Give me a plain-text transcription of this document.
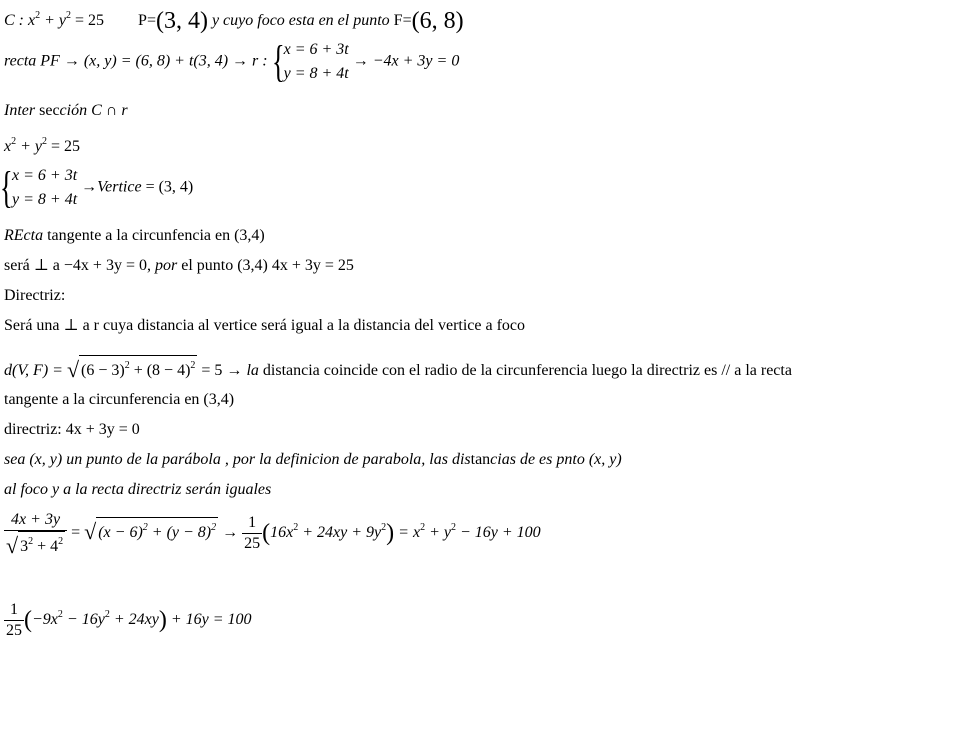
C : $x^2 + y^2 = 25$ P=(3, 4) y cuyo foco esta en el punto F=(6, 8)
recta PF → (x, y) = (6, 8) + t(3, 4) → r : { x = 6 + 3t
y = 8 + 4t
→ −4x + 3y = 0
Inter sección C ∩ r
$x^2 + y^2 = 25$
{ x = 6 + 3t
y = 8 + 4t
→Vertice = (3, 4)
REcta tangente a la circunfencia en (3,4)
será ⊥ a −4x + 3y = 0, por el punto (3,4) 4x + 3y = 25
Directriz:
Será una ⊥ a r cuya distancia al vertice será igual a la distancia del vertice a foco
d(V, F) = √ $(6 - 3)^2 + (8 - 4)^2 = 5$ → la distancia coincide con el radio de la circunferencia luego la directriz es // a la recta
tangente a la circunferencia en (3,4)
directriz: 4x + 3y = 0
sea (x, y) un punto de la parábola , por la definicion de parabola, las distancias de es pnto (x, y)
al foco y a la recta directriz serán iguales
$\frac{4x + 3y}{√ 3^2 + 4^2}$ = √ $(x - 6)^2 + (y - 8)^2 \to \frac{1}{25} (16x^2 + 24xy + 9y^2) = x^2 + y^2 - 16y + 100$
$\frac{1}{25} (-9x^2 - 16y^2 + 24xy) + 16y = 100$
